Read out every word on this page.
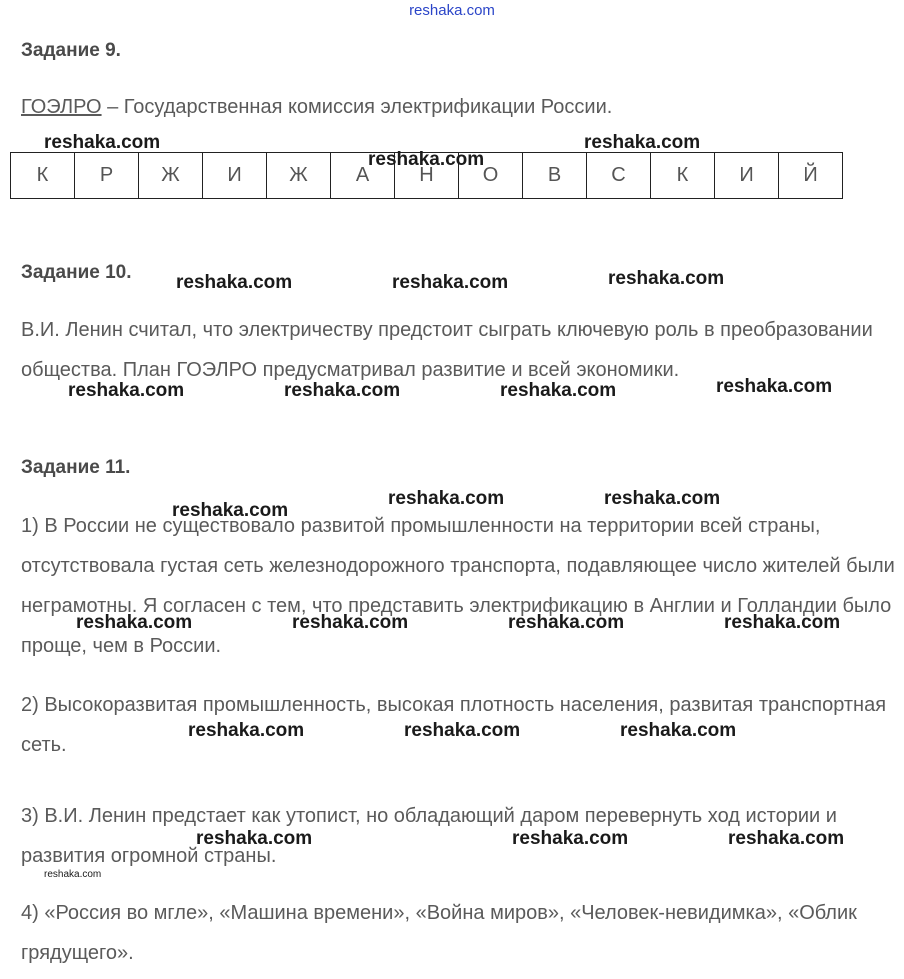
reshaka.com
Задание 9.
ГОЭЛРО – Государственная комиссия электрификации России.
К	Р	Ж	И	Ж	А	Н	О	В	С	К	И	Й
Задание 10.
В.И. Ленин считал, что электричеству предстоит сыграть ключевую роль в преобразовании общества. План ГОЭЛРО предусматривал развитие и всей экономики.
Задание 11.
1) В России не существовало развитой промышленности на территории всей страны, отсутствовала густая сеть железнодорожного транспорта, подавляющее число жителей были неграмотны. Я согласен с тем, что представить электрификацию в Англии и Голландии было проще, чем в России.
2) Высокоразвитая промышленность, высокая плотность населения, развитая транспортная сеть.
3) В.И. Ленин предстает как утопист, но обладающий даром перевернуть ход истории и развития огромной страны.
4) «Россия во мгле», «Машина времени», «Война миров», «Человек-невидимка», «Облик грядущего».
reshaka.com
reshaka.com
reshaka.com
reshaka.com	reshaka.com	reshaka.com
reshaka.com	reshaka.com	reshaka.com	reshaka.com
reshaka.com
reshaka.com	reshaka.com
reshaka.com	reshaka.com	reshaka.com	reshaka.com
reshaka.com	reshaka.com	reshaka.com
reshaka.com	reshaka.com	reshaka.com
reshaka.com
